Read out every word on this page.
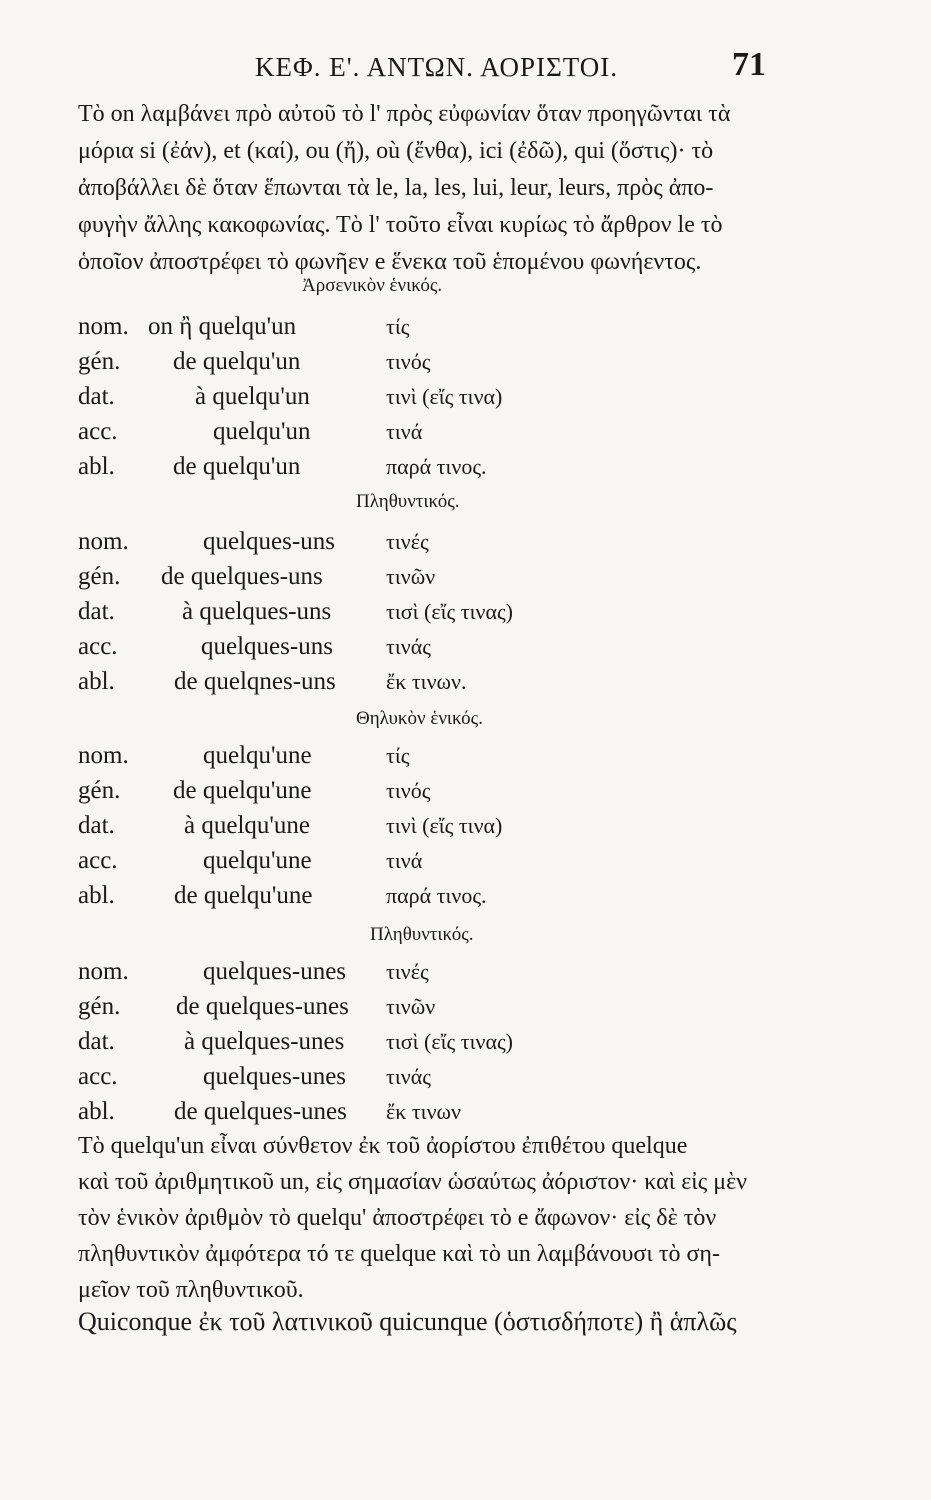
ΚΕΦ. Ε'. ΑΝΤΩΝ. ΑΟΡΙΣΤΟΙ.	71
Τὸ on λαμβάνει πρὸ αὐτοῦ τὸ l' πρὸς εὐφωνίαν ὅταν προηγῶνται τὰ
μόρια si (ἐάν), et (καί), ou (ἤ), où (ἔνθα), ici (ἐδῶ), qui (ὅστις)· τὸ
ἀποβάλλει δὲ ὅταν ἕπωνται τὰ le, la, les, lui, leur, leurs, πρὸς ἀπο-
φυγὴν ἄλλης κακοφωνίας. Τὸ l' τοῦτο εἶναι κυρίως τὸ ἄρθρον le τὸ
ὁποῖον ἀποστρέφει τὸ φωνῆεν e ἕνεκα τοῦ ἑπομένου φωνήεντος.
Ἀρσενικὸν ἑνικός.
nom. on ἢ quelqu'un	τίς
gén. de quelqu'un	τινός
dat.	à quelqu'un	τινὶ (εἴς τινα)
acc.	quelqu'un	τινά
abl. de quelqu'un	παρά τινος.
Πληθυντικός.
nom.	quelques-uns τινές
gén. de quelques-uns	τινῶν
dat.	à quelques-uns τισὶ (εἴς τινας)
acc.	quelques-uns τινάς
abl. de quelqnes-uns ἔκ τινων.
Θηλυκὸν ἑνικός.
nom.	quelqu'une	τίς
gén. de quelqu'une	τινός
dat.	à quelqu'une	τινὶ (εἴς τινα)
acc.	quelqu'une	τινά
abl. de quelqu'une	παρά τινος.
Πληθυντικός.
nom.	quelques-unes τινές
gén. de quelques-unes τινῶν
dat.	à quelques-unes τισὶ (εἴς τινας)
acc.	quelques-unes τινάς
abl. de quelques-unes ἔκ τινων
Τὸ quelqu'un εἶναι σύνθετον ἐκ τοῦ ἀορίστου ἐπιθέτου quelque
καὶ τοῦ ἀριθμητικοῦ un, εἰς σημασίαν ὡσαύτως ἀόριστον· καὶ εἰς μὲν
τὸν ἑνικὸν ἀριθμὸν τὸ quelqu' ἀποστρέφει τὸ e ἄφωνον· εἰς δὲ τὸν
πληθυντικὸν ἀμφότερα τό τε quelque καὶ τὸ un λαμβάνουσι τὸ ση-
μεῖον τοῦ πληθυντικοῦ.
Quiconque ἐκ τοῦ λατινικοῦ quicunque (ὁστισδήποτε) ἢ ἁπλῶς
